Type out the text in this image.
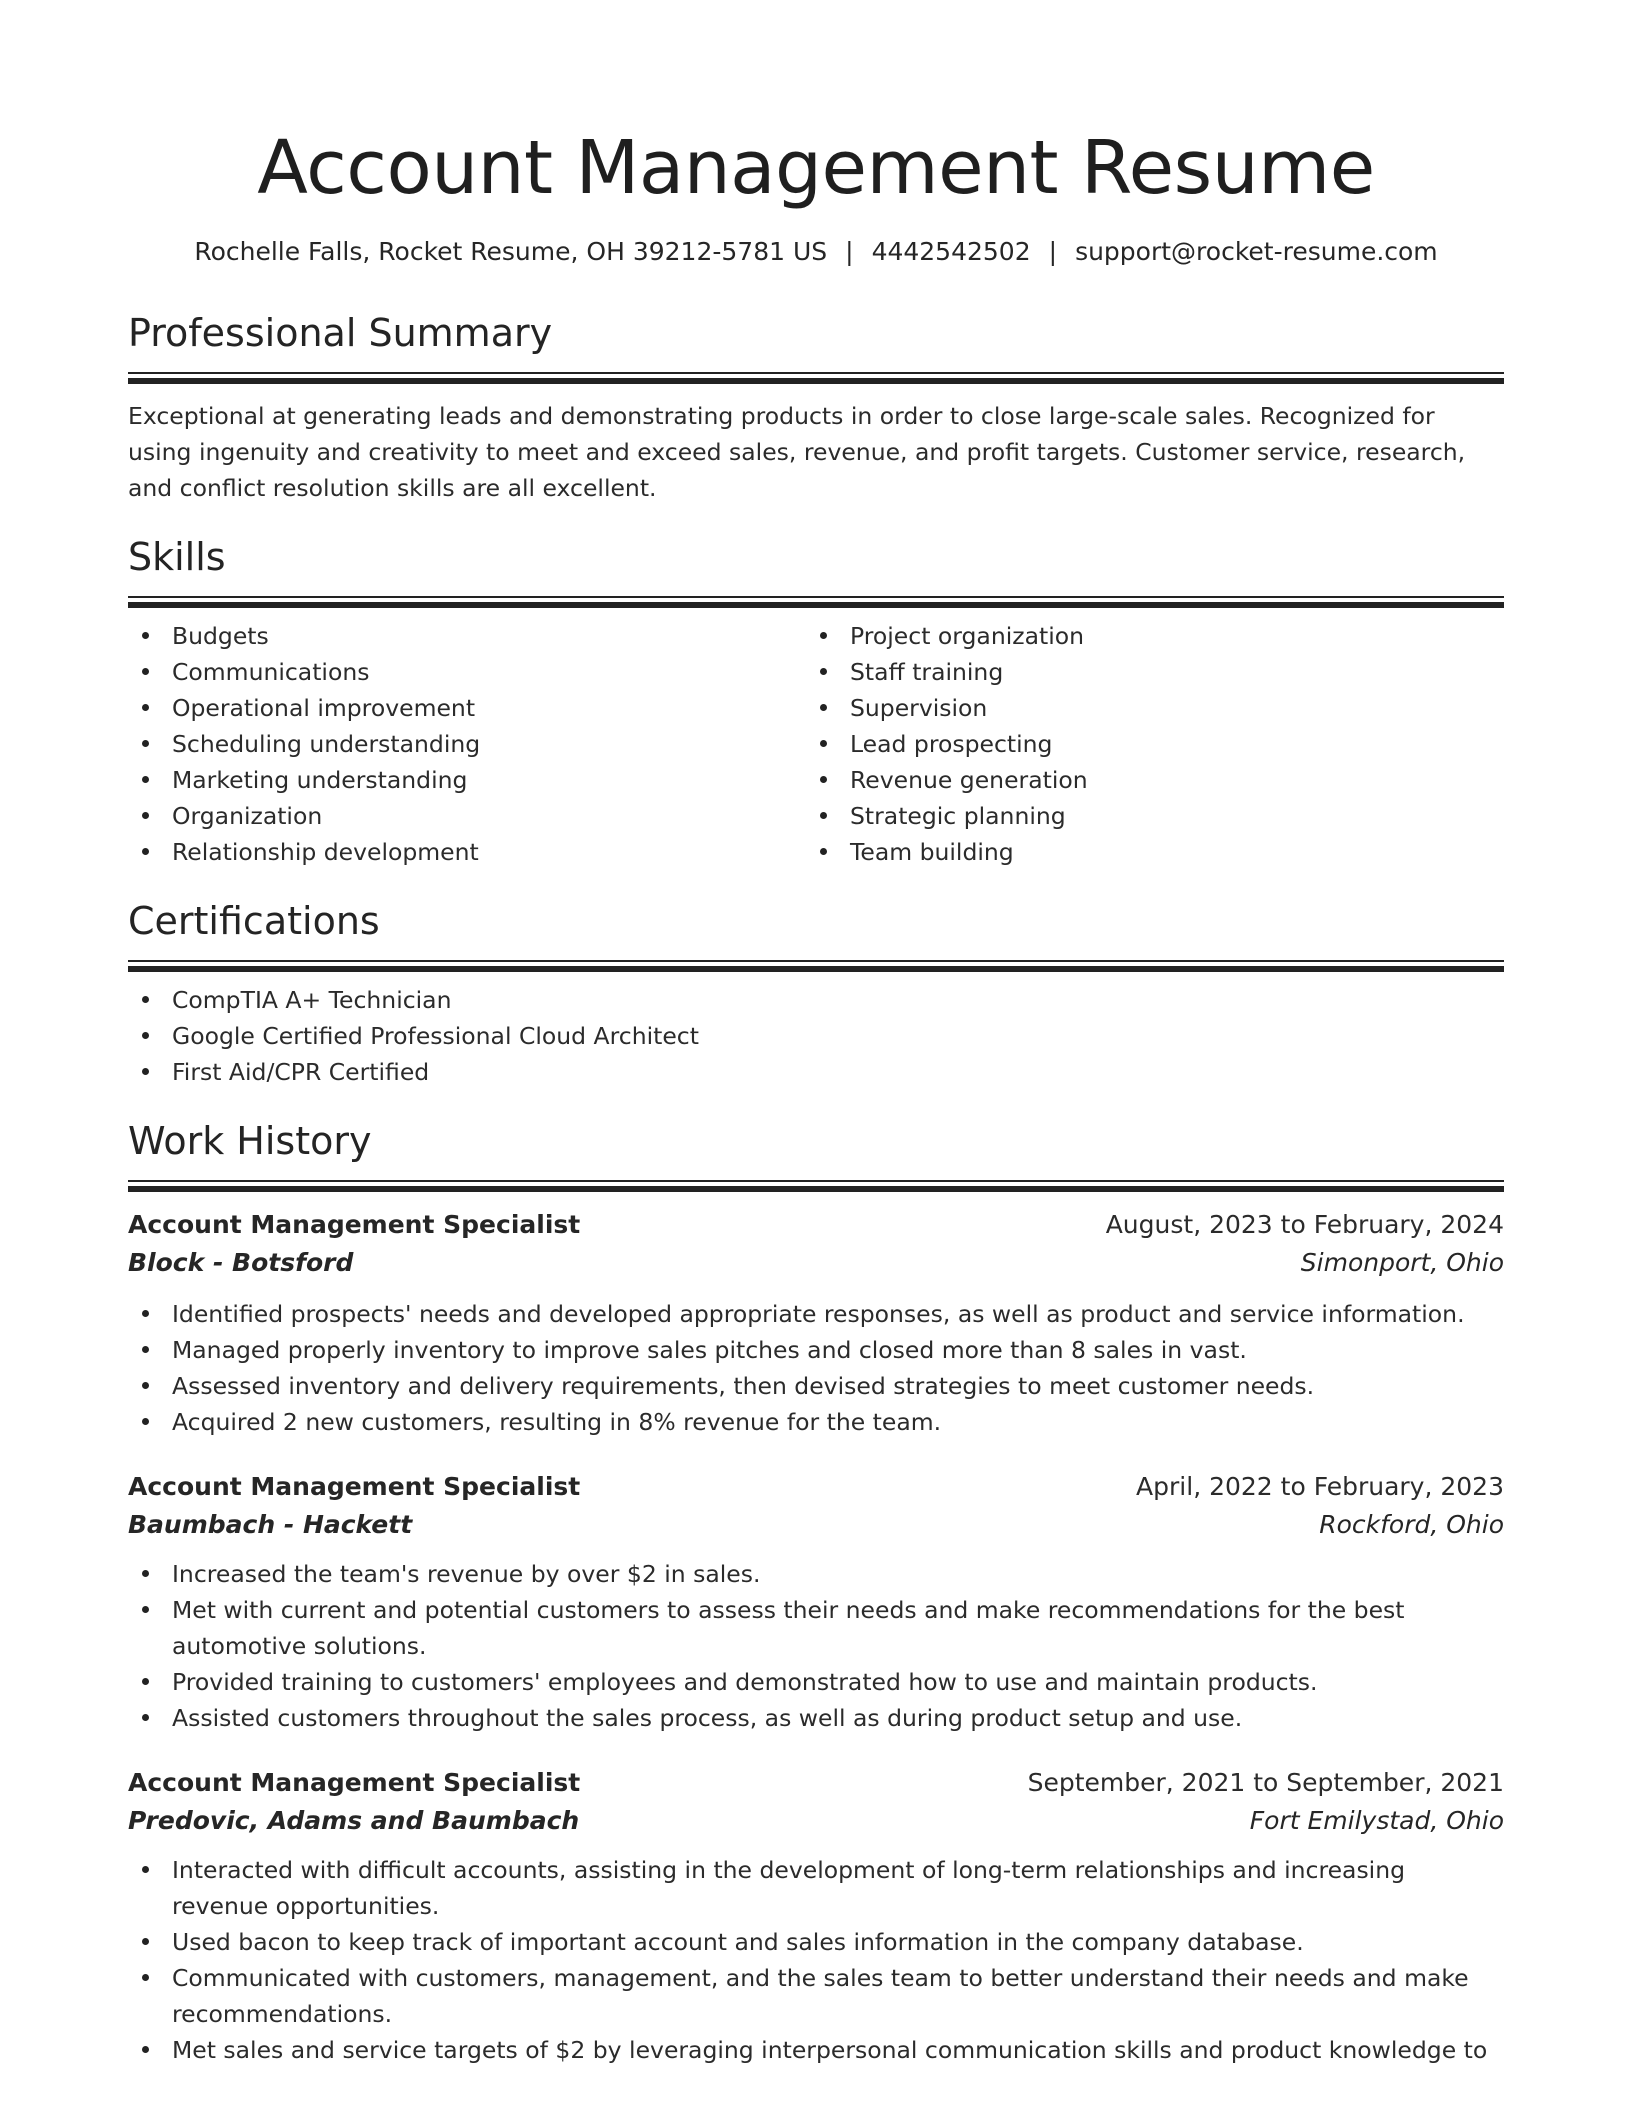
Account Management Resume
Rochelle Falls, Rocket Resume, OH 39212-5781 US | 4442542502 | support@rocket-resume.com
Professional Summary
Exceptional at generating leads and demonstrating products in order to close large-scale sales. Recognized for using ingenuity and creativity to meet and exceed sales, revenue, and profit targets. Customer service, research, and conflict resolution skills are all excellent.
Skills
Budgets
Communications
Operational improvement
Scheduling understanding
Marketing understanding
Organization
Relationship development
Project organization
Staff training
Supervision
Lead prospecting
Revenue generation
Strategic planning
Team building
Certifications
CompTIA A+ Technician
Google Certified Professional Cloud Architect
First Aid/CPR Certified
Work History
Account Management Specialist	August, 2023 to February, 2024
Block - Botsford	Simonport, Ohio
Identified prospects' needs and developed appropriate responses, as well as product and service information.
Managed properly inventory to improve sales pitches and closed more than 8 sales in vast.
Assessed inventory and delivery requirements, then devised strategies to meet customer needs.
Acquired 2 new customers, resulting in 8% revenue for the team.
Account Management Specialist	April, 2022 to February, 2023
Baumbach - Hackett	Rockford, Ohio
Increased the team's revenue by over $2 in sales.
Met with current and potential customers to assess their needs and make recommendations for the best automotive solutions.
Provided training to customers' employees and demonstrated how to use and maintain products.
Assisted customers throughout the sales process, as well as during product setup and use.
Account Management Specialist	September, 2021 to September, 2021
Predovic, Adams and Baumbach	Fort Emilystad, Ohio
Interacted with difficult accounts, assisting in the development of long-term relationships and increasing revenue opportunities.
Used bacon to keep track of important account and sales information in the company database.
Communicated with customers, management, and the sales team to better understand their needs and make recommendations.
Met sales and service targets of $2 by leveraging interpersonal communication skills and product knowledge to
